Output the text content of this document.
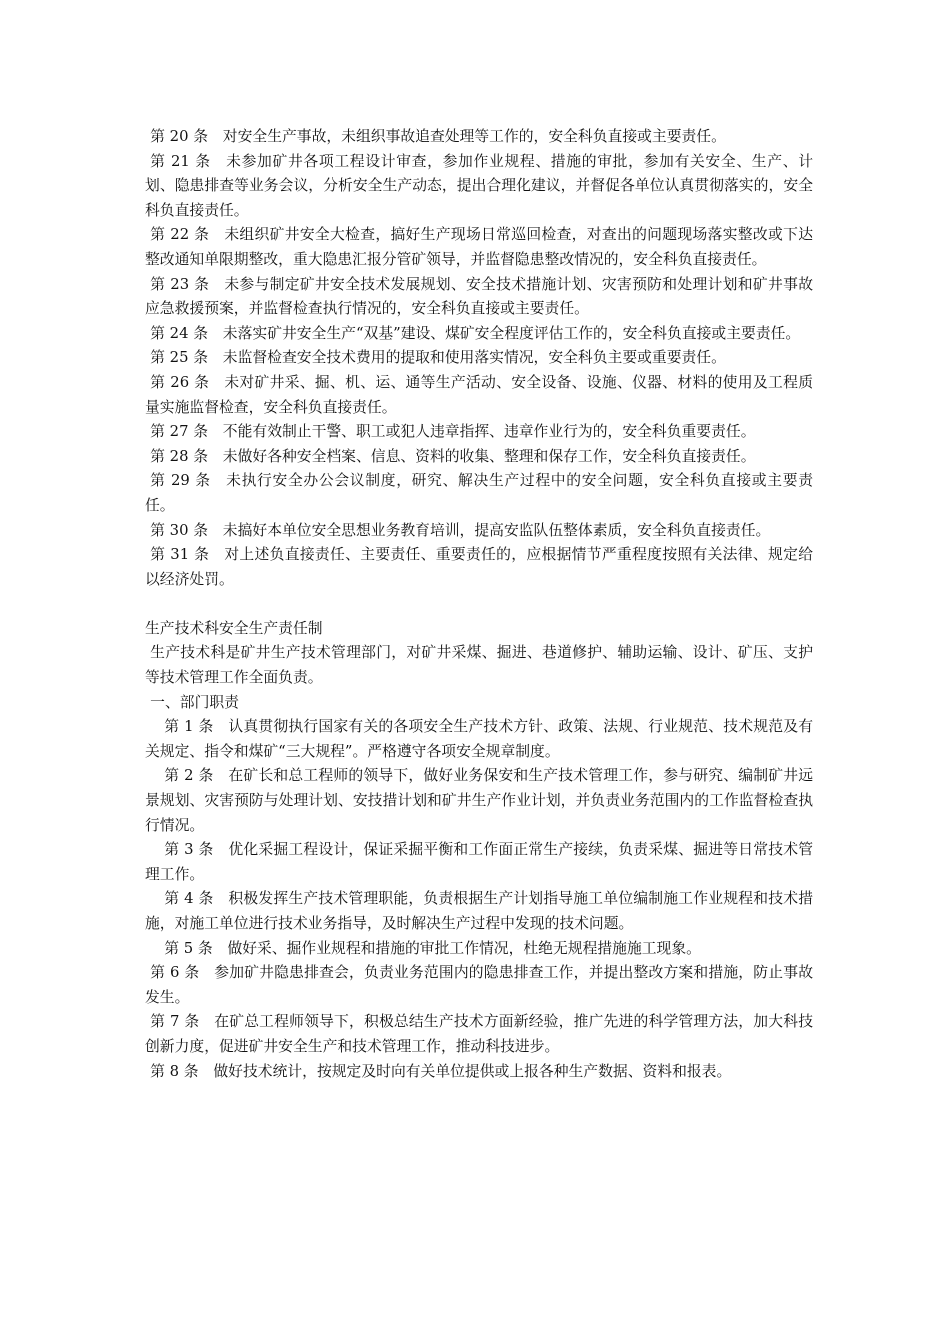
第 20 条　对安全生产事故，未组织事故追查处理等工作的，安全科负直接或主要责任。

第 21 条　未参加矿井各项工程设计审查，参加作业规程、措施的审批，参加有关安全、生产、计划、隐患排查等业务会议，分析安全生产动态，提出合理化建议，并督促各单位认真贯彻落实的，安全科负直接责任。

第 22 条　未组织矿井安全大检查，搞好生产现场日常巡回检查，对查出的问题现场落实整改或下达整改通知单限期整改，重大隐患汇报分管矿领导，并监督隐患整改情况的，安全科负直接责任。

第 23 条　未参与制定矿井安全技术发展规划、安全技术措施计划、灾害预防和处理计划和矿井事故应急救援预案，并监督检查执行情况的，安全科负直接或主要责任。

第 24 条　未落实矿井安全生产“双基”建设、煤矿安全程度评估工作的，安全科负直接或主要责任。

第 25 条　未监督检查安全技术费用的提取和使用落实情况，安全科负主要或重要责任。

第 26 条　未对矿井采、掘、机、运、通等生产活动、安全设备、设施、仪器、材料的使用及工程质量实施监督检查，安全科负直接责任。

第 27 条　不能有效制止干警、职工或犯人违章指挥、违章作业行为的，安全科负重要责任。

第 28 条　未做好各种安全档案、信息、资料的收集、整理和保存工作，安全科负直接责任。

第 29 条　未执行安全办公会议制度，研究、解决生产过程中的安全问题，安全科负直接或主要责任。

第 30 条　未搞好本单位安全思想业务教育培训，提高安监队伍整体素质，安全科负直接责任。

第 31 条　对上述负直接责任、主要责任、重要责任的，应根据情节严重程度按照有关法律、规定给以经济处罚。

生产技术科安全生产责任制

生产技术科是矿井生产技术管理部门，对矿井采煤、掘进、巷道修护、辅助运输、设计、矿压、支护等技术管理工作全面负责。

一、部门职责

第 1 条　认真贯彻执行国家有关的各项安全生产技术方针、政策、法规、行业规范、技术规范及有关规定、指令和煤矿“三大规程”。严格遵守各项安全规章制度。

第 2 条　在矿长和总工程师的领导下，做好业务保安和生产技术管理工作，参与研究、编制矿井远景规划、灾害预防与处理计划、安技措计划和矿井生产作业计划，并负责业务范围内的工作监督检查执行情况。

第 3 条　优化采掘工程设计，保证采掘平衡和工作面正常生产接续，负责采煤、掘进等日常技术管理工作。

第 4 条　积极发挥生产技术管理职能，负责根据生产计划指导施工单位编制施工作业规程和技术措施，对施工单位进行技术业务指导，及时解决生产过程中发现的技术问题。

第 5 条　做好采、掘作业规程和措施的审批工作情况，杜绝无规程措施施工现象。

第 6 条　参加矿井隐患排查会，负责业务范围内的隐患排查工作，并提出整改方案和措施，防止事故发生。

第 7 条　在矿总工程师领导下，积极总结生产技术方面新经验，推广先进的科学管理方法，加大科技创新力度，促进矿井安全生产和技术管理工作，推动科技进步。

第 8 条　做好技术统计，按规定及时向有关单位提供或上报各种生产数据、资料和报表。
